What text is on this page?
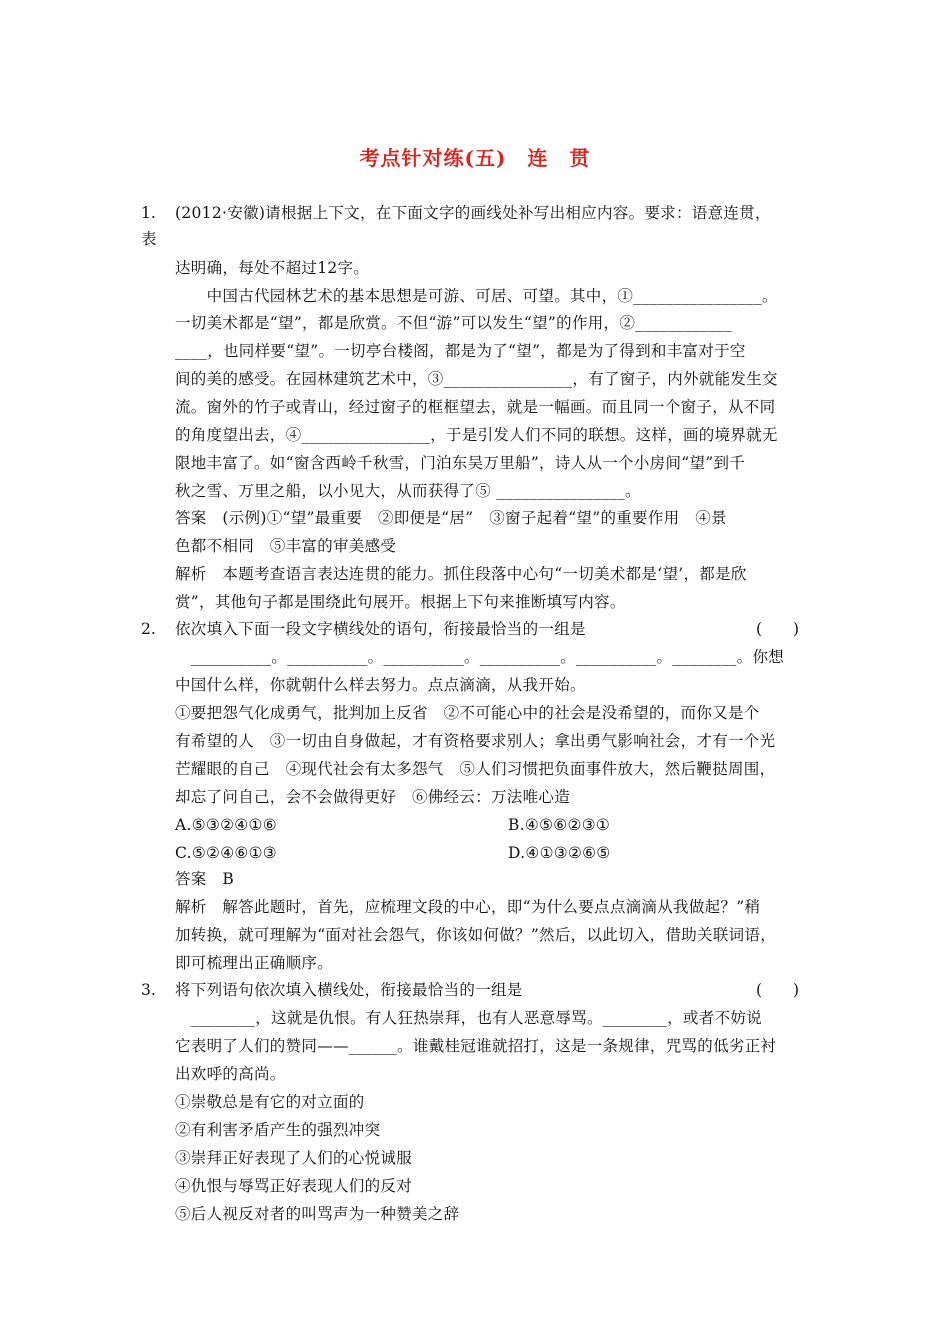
考点针对练(五)　连　贯
1. (2012·安徽)请根据上下文，在下面文字的画线处补写出相应内容。要求：语意连贯，
表
达明确，每处不超过12字。
　　中国古代园林艺术的基本思想是可游、可居、可望。其中，①________________。
一切美术都是“望”，都是欣赏。不但“游”可以发生“望”的作用，②____________
____，也同样要“望”。一切亭台楼阁，都是为了“望”，都是为了得到和丰富对于空
间的美的感受。在园林建筑艺术中，③________________，有了窗子，内外就能发生交
流。窗外的竹子或青山，经过窗子的框框望去，就是一幅画。而且同一个窗子，从不同
的角度望出去，④________________，于是引发人们不同的联想。这样，画的境界就无
限地丰富了。如“窗含西岭千秋雪，门泊东吴万里船”，诗人从一个小房间“望”到千
秋之雪、万里之船，以小见大，从而获得了⑤ ________________。
答案　(示例)①“望”最重要　②即便是“居”　③窗子起着“望”的重要作用　④景
色都不相同　⑤丰富的审美感受
解析　本题考查语言表达连贯的能力。抓住段落中心句“一切美术都是‘望’，都是欣
赏”，其他句子都是围绕此句展开。根据上下句来推断填写内容。
2. 依次填入下面一段文字横线处的语句，衔接最恰当的一组是	(　　)
　__________。__________。__________。__________。__________。________。你想
中国什么样，你就朝什么样去努力。点点滴滴，从我开始。
①要把怨气化成勇气，批判加上反省　②不可能心中的社会是没希望的，而你又是个
有希望的人　③一切由自身做起，才有资格要求别人；拿出勇气影响社会，才有一个光
芒耀眼的自己　④现代社会有太多怨气　⑤人们习惯把负面事件放大，然后鞭挞周围，
却忘了问自己，会不会做得更好　⑥佛经云：万法唯心造
A.⑤③②④①⑥	B.④⑤⑥②③①
C.⑤②④⑥①③	D.④①③②⑥⑤
答案　B
解析　解答此题时，首先，应梳理文段的中心，即“为什么要点点滴滴从我做起？”稍
加转换，就可理解为“面对社会怨气，你该如何做？”然后，以此切入，借助关联词语，
即可梳理出正确顺序。
3. 将下列语句依次填入横线处，衔接最恰当的一组是	(　　)
　________，这就是仇恨。有人狂热崇拜，也有人恶意辱骂。________，或者不妨说
它表明了人们的赞同——______。谁戴桂冠谁就招打，这是一条规律，咒骂的低劣正衬
出欢呼的高尚。
①崇敬总是有它的对立面的
②有利害矛盾产生的强烈冲突
③崇拜正好表现了人们的心悦诚服
④仇恨与辱骂正好表现人们的反对
⑤后人视反对者的叫骂声为一种赞美之辞
